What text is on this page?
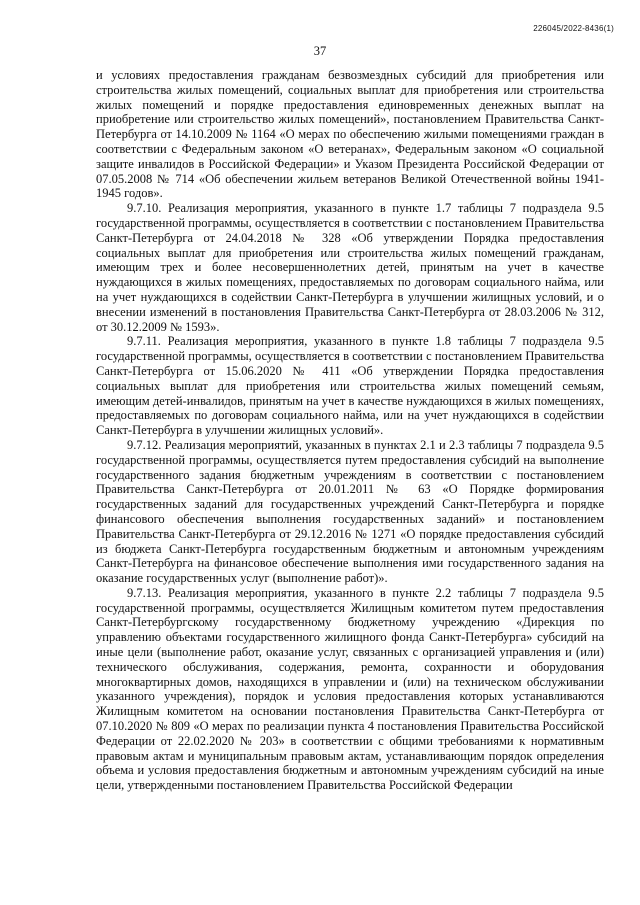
226045/2022-8436(1)
37

и условиях предоставления гражданам безвозмездных субсидий для приобретения или строительства жилых помещений, социальных выплат для приобретения или строительства жилых помещений и порядке предоставления единовременных денежных выплат на приобретение или строительство жилых помещений», постановлением Правительства Санкт-Петербурга от 14.10.2009 № 1164 «О мерах по обеспечению жилыми помещениями граждан в соответствии с Федеральным законом «О ветеранах», Федеральным законом «О социальной защите инвалидов в Российской Федерации» и Указом Президента Российской Федерации от 07.05.2008 № 714 «Об обеспечении жильем ветеранов Великой Отечественной войны 1941-1945 годов».

9.7.10. Реализация мероприятия, указанного в пункте 1.7 таблицы 7 подраздела 9.5 государственной программы, осуществляется в соответствии с постановлением Правительства Санкт-Петербурга от 24.04.2018 № 328 «Об утверждении Порядка предоставления социальных выплат для приобретения или строительства жилых помещений гражданам, имеющим трех и более несовершеннолетних детей, принятым на учет в качестве нуждающихся в жилых помещениях, предоставляемых по договорам социального найма, или на учет нуждающихся в содействии Санкт-Петербурга в улучшении жилищных условий, и о внесении изменений в постановления Правительства Санкт-Петербурга от 28.03.2006 № 312, от 30.12.2009 № 1593».

9.7.11. Реализация мероприятия, указанного в пункте 1.8 таблицы 7 подраздела 9.5 государственной программы, осуществляется в соответствии с постановлением Правительства Санкт-Петербурга от 15.06.2020 № 411 «Об утверждении Порядка предоставления социальных выплат для приобретения или строительства жилых помещений семьям, имеющим детей-инвалидов, принятым на учет в качестве нуждающихся в жилых помещениях, предоставляемых по договорам социального найма, или на учет нуждающихся в содействии Санкт-Петербурга в улучшении жилищных условий».

9.7.12. Реализация мероприятий, указанных в пунктах 2.1 и 2.3 таблицы 7 подраздела 9.5 государственной программы, осуществляется путем предоставления субсидий на выполнение государственного задания бюджетным учреждениям в соответствии с постановлением Правительства Санкт-Петербурга от 20.01.2011 № 63 «О Порядке формирования государственных заданий для государственных учреждений Санкт-Петербурга и порядке финансового обеспечения выполнения государственных заданий» и постановлением Правительства Санкт-Петербурга от 29.12.2016 № 1271 «О порядке предоставления субсидий из бюджета Санкт-Петербурга государственным бюджетным и автономным учреждениям Санкт-Петербурга на финансовое обеспечение выполнения ими государственного задания на оказание государственных услуг (выполнение работ)».

9.7.13. Реализация мероприятия, указанного в пункте 2.2 таблицы 7 подраздела 9.5 государственной программы, осуществляется Жилищным комитетом путем предоставления Санкт-Петербургскому государственному бюджетному учреждению «Дирекция по управлению объектами государственного жилищного фонда Санкт-Петербурга» субсидий на иные цели (выполнение работ, оказание услуг, связанных с организацией управления и (или) технического обслуживания, содержания, ремонта, сохранности и оборудования многоквартирных домов, находящихся в управлении и (или) на техническом обслуживании указанного учреждения), порядок и условия предоставления которых устанавливаются Жилищным комитетом на основании постановления Правительства Санкт-Петербурга от 07.10.2020 № 809 «О мерах по реализации пункта 4 постановления Правительства Российской Федерации от 22.02.2020 № 203» в соответствии с общими требованиями к нормативным правовым актам и муниципальным правовым актам, устанавливающим порядок определения объема и условия предоставления бюджетным и автономным учреждениям субсидий на иные цели, утвержденными постановлением Правительства Российской Федерации
